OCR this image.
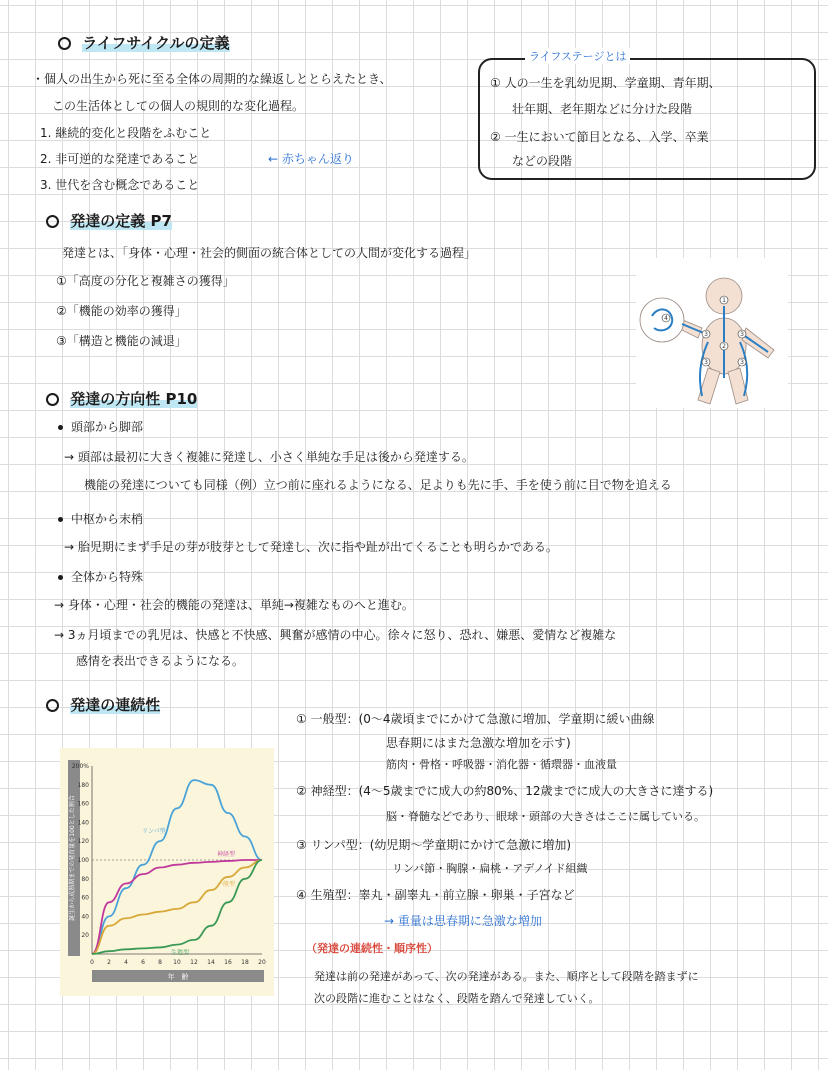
ライフサイクルの定義
・個人の出生から死に至る全体の周期的な繰返しととらえたとき、
この生活体としての個人の規則的な変化過程。
1. 継続的変化と段階をふむこと
2. 非可逆的な発達であること	← 赤ちゃん返り
3. 世代を含む概念であること
ライフステージとは
① 人の一生を乳幼児期、学童期、青年期、
壮年期、老年期などに分けた段階
② 一生において節目となる、入学、卒業
などの段階
発達の定義 P7
発達とは、「身体・心理・社会的側面の統合体としての人間が変化する過程」
①「高度の分化と複雑さの獲得」
②「機能の効率の獲得」
③「構造と機能の減退」
1
2
3	3
3	3
4
発達の方向性 P10
頭部から脚部
→ 頭部は最初に大きく複雑に発達し、小さく単純な手足は後から発達する。
機能の発達についても同様（例）立つ前に座れるようになる、足よりも先に手、手を使う前に目で物を追える
中枢から末梢
→ 胎児期にまず手足の芽が肢芽として発達し、次に指や趾が出てくることも明らかである。
全体から特殊
→ 身体・心理・社会的機能の発達は、単純→複雑なものへと進む。
→ 3ヵ月頃までの乳児は、快感と不快感、興奮が感情の中心。徐々に怒り、恐れ、嫌悪、愛情など複雑な
感情を表出できるようになる。
発達の連続性
誕生から成熟期までの発育量を100とした割合
年　齢
200%
180
160
140
120
100
80
60
40
20
0 2 4 6 8 10 12 14 16 18 20
リンパ型
神経型
一般型
生殖型
① 一般型：(0〜4歳頃までにかけて急激に増加、学童期に緩い曲線
思春期にはまた急激な増加を示す)
筋肉・骨格・呼吸器・消化器・循環器・血液量
② 神経型：(4〜5歳までに成人の約80%、12歳までに成人の大きさに達する)
脳・脊髄などであり、眼球・頭部の大きさはここに属している。
③ リンパ型：(幼児期〜学童期にかけて急激に増加)
リンパ節・胸腺・扁桃・アデノイド組織
④ 生殖型：睾丸・副睾丸・前立腺・卵巣・子宮など
→ 重量は思春期に急激な増加
（発達の連続性・順序性）
発達は前の発達があって、次の発達がある。また、順序として段階を踏まずに
次の段階に進むことはなく、段階を踏んで発達していく。
